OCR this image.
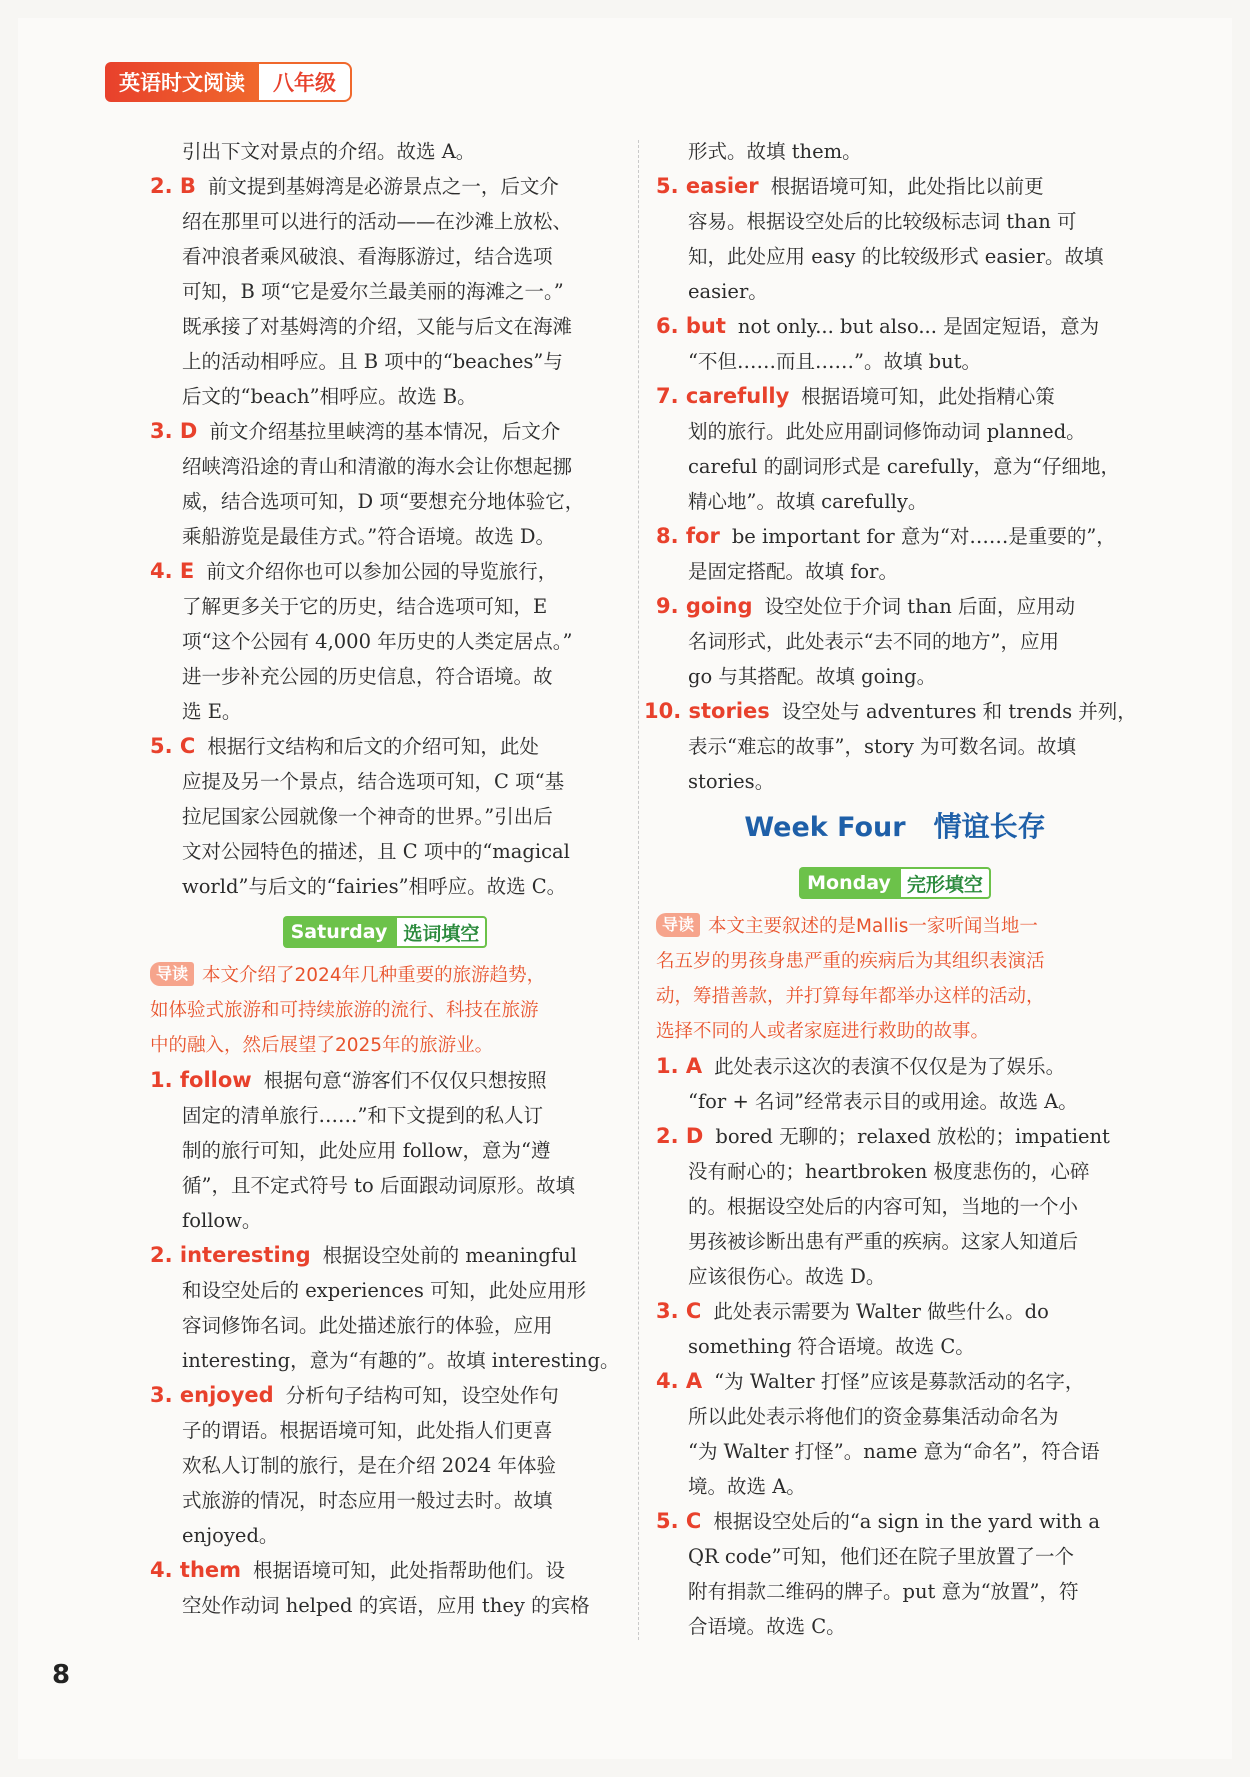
英语时文阅读	八年级
引出下文对景点的介绍。故选 A。
2. B 前文提到基姆湾是必游景点之一，后文介
绍在那里可以进行的活动——在沙滩上放松、
看冲浪者乘风破浪、看海豚游过，结合选项
可知，B 项“它是爱尔兰最美丽的海滩之一。”
既承接了对基姆湾的介绍，又能与后文在海滩
上的活动相呼应。且 B 项中的“beaches”与
后文的“beach”相呼应。故选 B。
3. D 前文介绍基拉里峡湾的基本情况，后文介
绍峡湾沿途的青山和清澈的海水会让你想起挪
威，结合选项可知，D 项“要想充分地体验它，
乘船游览是最佳方式。”符合语境。故选 D。
4. E 前文介绍你也可以参加公园的导览旅行，
了解更多关于它的历史，结合选项可知，E
项“这个公园有 4,000 年历史的人类定居点。”
进一步补充公园的历史信息，符合语境。故
选 E。
5. C 根据行文结构和后文的介绍可知，此处
应提及另一个景点，结合选项可知，C 项“基
拉尼国家公园就像一个神奇的世界。”引出后
文对公园特色的描述，且 C 项中的“magical
world”与后文的“fairies”相呼应。故选 C。
Saturday 选词填空
导读 本文介绍了2024年几种重要的旅游趋势，
如体验式旅游和可持续旅游的流行、科技在旅游
中的融入，然后展望了2025年的旅游业。
1. follow 根据句意“游客们不仅仅只想按照
固定的清单旅行……”和下文提到的私人订
制的旅行可知，此处应用 follow，意为“遵
循”，且不定式符号 to 后面跟动词原形。故填
follow。
2. interesting 根据设空处前的 meaningful
和设空处后的 experiences 可知，此处应用形
容词修饰名词。此处描述旅行的体验，应用
interesting，意为“有趣的”。故填 interesting。
3. enjoyed 分析句子结构可知，设空处作句
子的谓语。根据语境可知，此处指人们更喜
欢私人订制的旅行，是在介绍 2024 年体验
式旅游的情况，时态应用一般过去时。故填
enjoyed。
4. them 根据语境可知，此处指帮助他们。设
空处作动词 helped 的宾语，应用 they 的宾格
形式。故填 them。
5. easier 根据语境可知，此处指比以前更
容易。根据设空处后的比较级标志词 than 可
知，此处应用 easy 的比较级形式 easier。故填
easier。
6. but not only... but also... 是固定短语，意为
“不但……而且……”。故填 but。
7. carefully 根据语境可知，此处指精心策
划的旅行。此处应用副词修饰动词 planned。
careful 的副词形式是 carefully，意为“仔细地，
精心地”。故填 carefully。
8. for be important for 意为“对……是重要的”，
是固定搭配。故填 for。
9. going 设空处位于介词 than 后面，应用动
名词形式，此处表示“去不同的地方”，应用
go 与其搭配。故填 going。
10. stories 设空处与 adventures 和 trends 并列，
表示“难忘的故事”，story 为可数名词。故填
stories。
Week Four 情谊长存
Monday 完形填空
导读 本文主要叙述的是Mallis一家听闻当地一
名五岁的男孩身患严重的疾病后为其组织表演活
动，筹措善款，并打算每年都举办这样的活动，
选择不同的人或者家庭进行救助的故事。
1. A 此处表示这次的表演不仅仅是为了娱乐。
“for + 名词”经常表示目的或用途。故选 A。
2. D bored 无聊的；relaxed 放松的；impatient
没有耐心的；heartbroken 极度悲伤的，心碎
的。根据设空处后的内容可知，当地的一个小
男孩被诊断出患有严重的疾病。这家人知道后
应该很伤心。故选 D。
3. C 此处表示需要为 Walter 做些什么。do
something 符合语境。故选 C。
4. A “为 Walter 打怪”应该是募款活动的名字，
所以此处表示将他们的资金募集活动命名为
“为 Walter 打怪”。name 意为“命名”，符合语
境。故选 A。
5. C 根据设空处后的“a sign in the yard with a
QR code”可知，他们还在院子里放置了一个
附有捐款二维码的牌子。put 意为“放置”，符
合语境。故选 C。
8
